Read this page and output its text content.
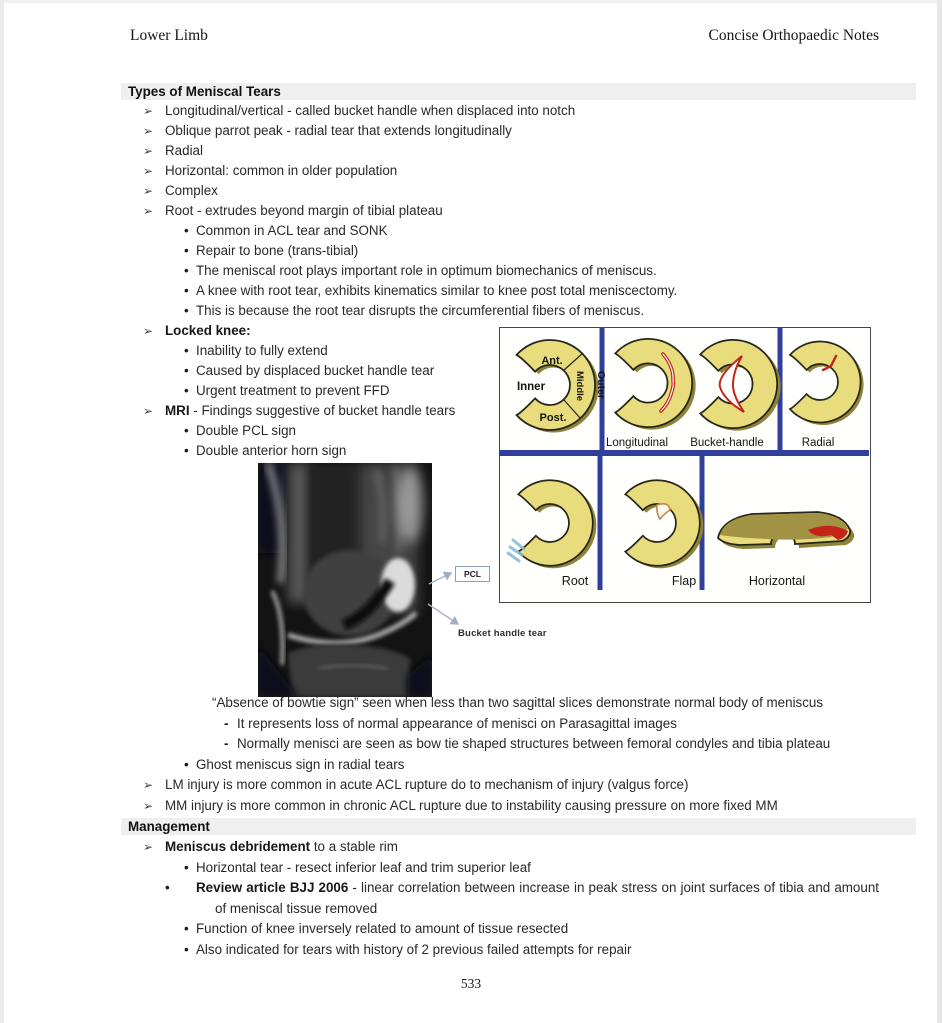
Lower Limb	Concise Orthopaedic Notes
Types of Meniscal Tears
➢ Longitudinal/vertical - called bucket handle when displaced into notch
➢ Oblique parrot peak - radial tear that extends longitudinally
➢ Radial
➢ Horizontal: common in older population
➢ Complex
➢ Root - extrudes beyond margin of tibial plateau
• Common in ACL tear and SONK
• Repair to bone (trans-tibial)
• The meniscal root plays important role in optimum biomechanics of meniscus.
• A knee with root tear, exhibits kinematics similar to knee post total meniscectomy.
• This is because the root tear disrupts the circumferential fibers of meniscus.
➢ Locked knee:
• Inability to fully extend
• Caused by displaced bucket handle tear
• Urgent treatment to prevent FFD
➢ MRI - Findings suggestive of bucket handle tears
• Double PCL sign
• Double anterior horn sign
Ant.
Inner	Middle
Post.
Outer
Longitudinal Bucket-handle	Radial
Root	Flap	Horizontal
PCL
Bucket handle tear
“Absence of bowtie sign” seen when less than two sagittal slices demonstrate normal body of meniscus
- It represents loss of normal appearance of menisci on Parasagittal images
- Normally menisci are seen as bow tie shaped structures between femoral condyles and tibia plateau
• Ghost meniscus sign in radial tears
➢ LM injury is more common in acute ACL rupture do to mechanism of injury (valgus force)
➢ MM injury is more common in chronic ACL rupture due to instability causing pressure on more fixed MM
Management
➢ Meniscus debridement to a stable rim
• Horizontal tear - resect inferior leaf and trim superior leaf
•	Review article BJJ 2006 - linear correlation between increase in peak stress on joint surfaces of tibia and amount of meniscal tissue removed
• Function of knee inversely related to amount of tissue resected
• Also indicated for tears with history of 2 previous failed attempts for repair
533
